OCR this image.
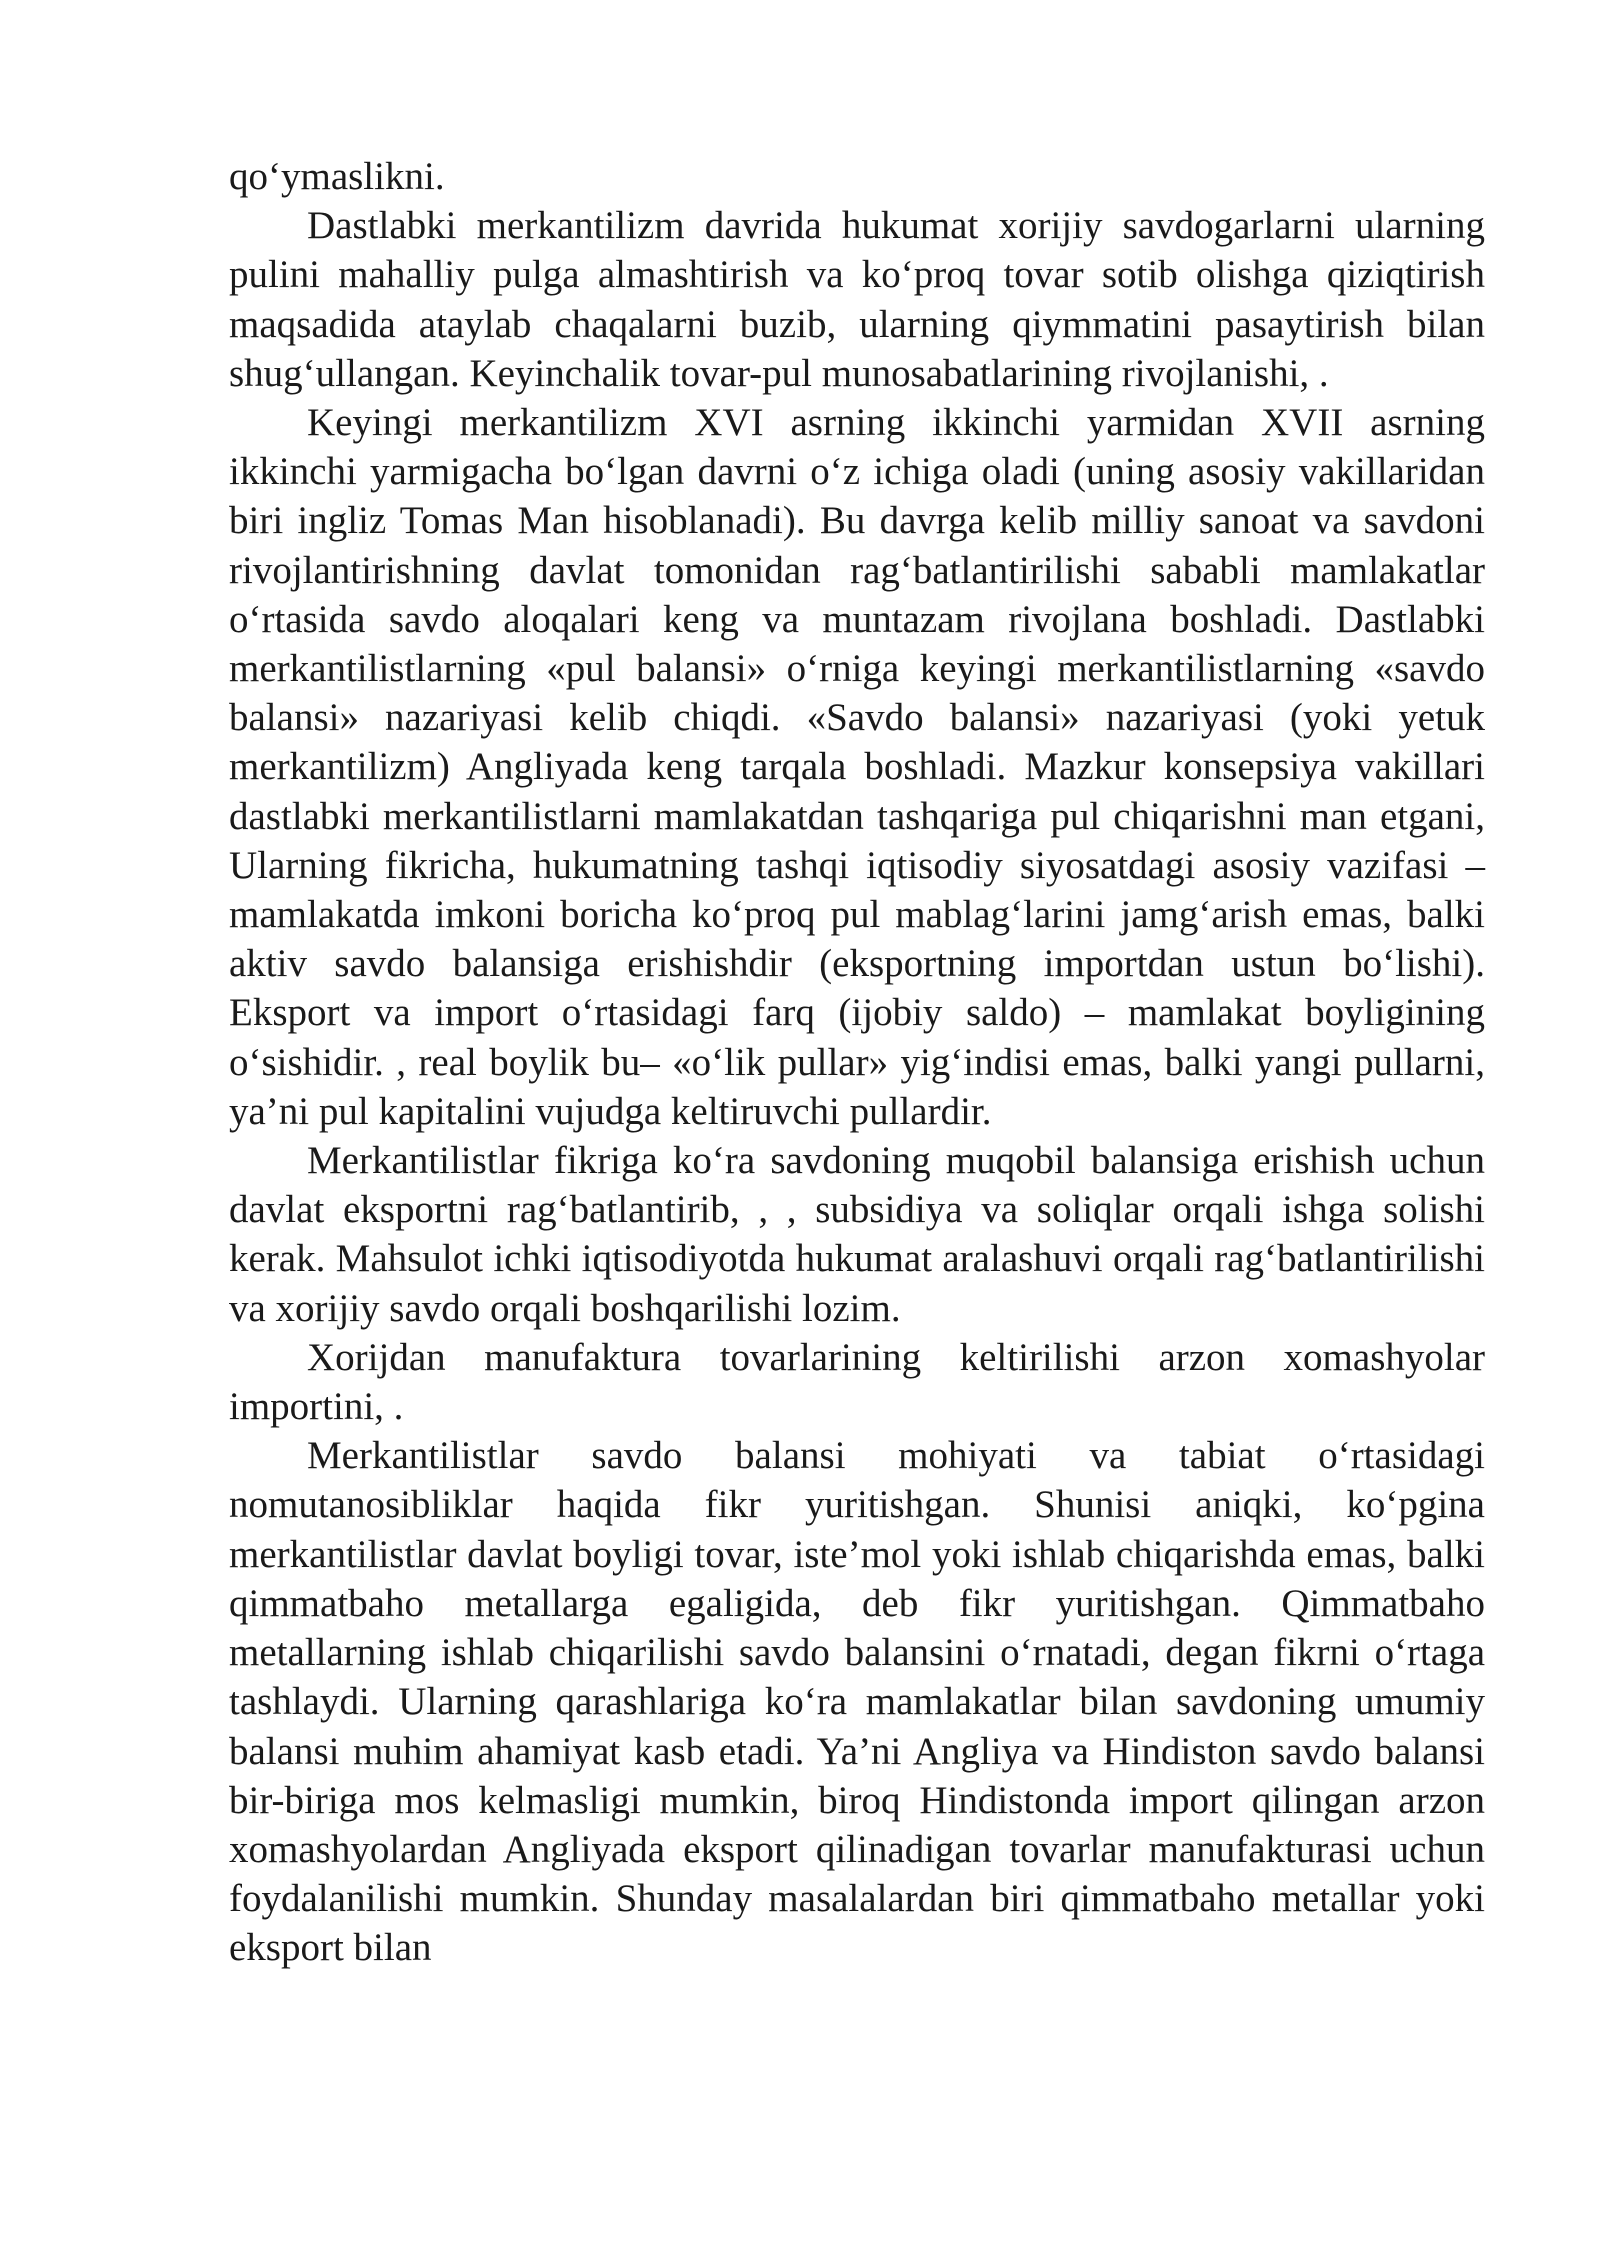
qo‘ymaslikni.

Dastlabki merkantilizm davrida hukumat xorijiy savdogarlarni ularning pulini mahalliy pulga almashtirish va ko‘proq tovar sotib olishga qiziqtirish maqsadida ataylab chaqalarni buzib, ularning qiymmatini pasaytirish bilan shug‘ullangan. Keyinchalik tovar-pul munosabatlarining rivojlanishi, .

Keyingi merkantilizm XVI asrning ikkinchi yarmidan XVII asrning ikkinchi yarmigacha bo‘lgan davrni o‘z ichiga oladi (uning asosiy vakillaridan biri ingliz Tomas Man hisoblanadi). Bu davrga kelib milliy sanoat va savdoni rivojlantirishning davlat tomonidan rag‘batlantirilishi sababli mamlakatlar o‘rtasida savdo aloqalari keng va muntazam rivojlana boshladi. Dastlabki merkantilistlarning «pul balansi» o‘rniga keyingi merkantilistlarning «savdo balansi» nazariyasi kelib chiqdi. «Savdo balansi» nazariyasi (yoki yetuk merkantilizm) Angliyada keng tarqala boshladi. Mazkur konsepsiya vakillari dastlabki merkantilistlarni mamlakatdan tashqariga pul chiqarishni man etgani, Ularning fikricha, hukumatning tashqi iqtisodiy siyosatdagi asosiy vazifasi – mamlakatda imkoni boricha ko‘proq pul mablag‘larini jamg‘arish emas, balki aktiv savdo balansiga erishishdir (eksportning importdan ustun bo‘lishi). Eksport va import o‘rtasidagi farq (ijobiy saldo) – mamlakat boyligining o‘sishidir. , real boylik bu– «o‘lik pullar» yig‘indisi emas, balki yangi pullarni, ya’ni pul kapitalini vujudga keltiruvchi pullardir.

Merkantilistlar fikriga ko‘ra savdoning muqobil balansiga erishish uchun davlat eksportni rag‘batlantirib, , , subsidiya va soliqlar orqali ishga solishi kerak. Mahsulot ichki iqtisodiyotda hukumat aralashuvi orqali rag‘batlantirilishi va xorijiy savdo orqali boshqarilishi lozim.

Xorijdan manufaktura tovarlarining keltirilishi arzon xomashyolar importini, .

Merkantilistlar savdo balansi mohiyati va tabiat o‘rtasidagi nomutanosibliklar haqida fikr yuritishgan. Shunisi aniqki, ko‘pgina merkantilistlar davlat boyligi tovar, iste’mol yoki ishlab chiqarishda emas, balki qimmatbaho metallarga egaligida, deb fikr yuritishgan. Qimmatbaho metallarning ishlab chiqarilishi savdo balansini o‘rnatadi, degan fikrni o‘rtaga tashlaydi. Ularning qarashlariga ko‘ra mamlakatlar bilan savdoning umumiy balansi muhim ahamiyat kasb etadi. Ya’ni Angliya va Hindiston savdo balansi bir-biriga mos kelmasligi mumkin, biroq Hindistonda import qilingan arzon xomashyolardan Angliyada eksport qilinadigan tovarlar manufakturasi uchun foydalanilishi mumkin. Shunday masalalardan biri qimmatbaho metallar yoki eksport bilan
